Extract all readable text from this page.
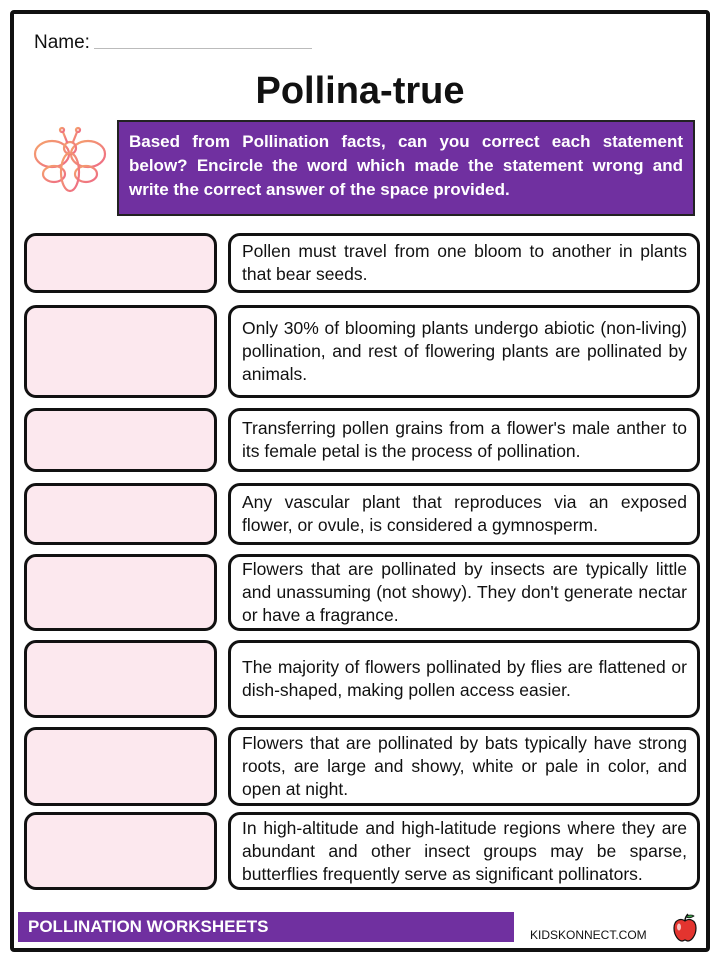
Name:
Pollina-true
Based from Pollination facts, can you correct each statement below? Encircle the word which made the statement wrong and write the correct answer of the space provided.
Pollen must travel from one bloom to another in plants that bear seeds.
Only 30% of blooming plants undergo abiotic (non-living) pollination, and rest of flowering plants are pollinated by animals.
Transferring pollen grains from a flower's male anther to its female petal is the process of pollination.
Any vascular plant that reproduces via an exposed flower, or ovule, is considered a gymnosperm.
Flowers that are pollinated by insects are typically little and unassuming (not showy). They don't generate nectar or have a fragrance.
The majority of flowers pollinated by flies are flattened or dish-shaped, making pollen access easier.
Flowers that are pollinated by bats typically have strong roots, are large and showy, white or pale in color, and open at night.
In high-altitude and high-latitude regions where they are abundant and other insect groups may be sparse, butterflies frequently serve as significant pollinators.
POLLINATION WORKSHEETS	KIDSKONNECT.COM
